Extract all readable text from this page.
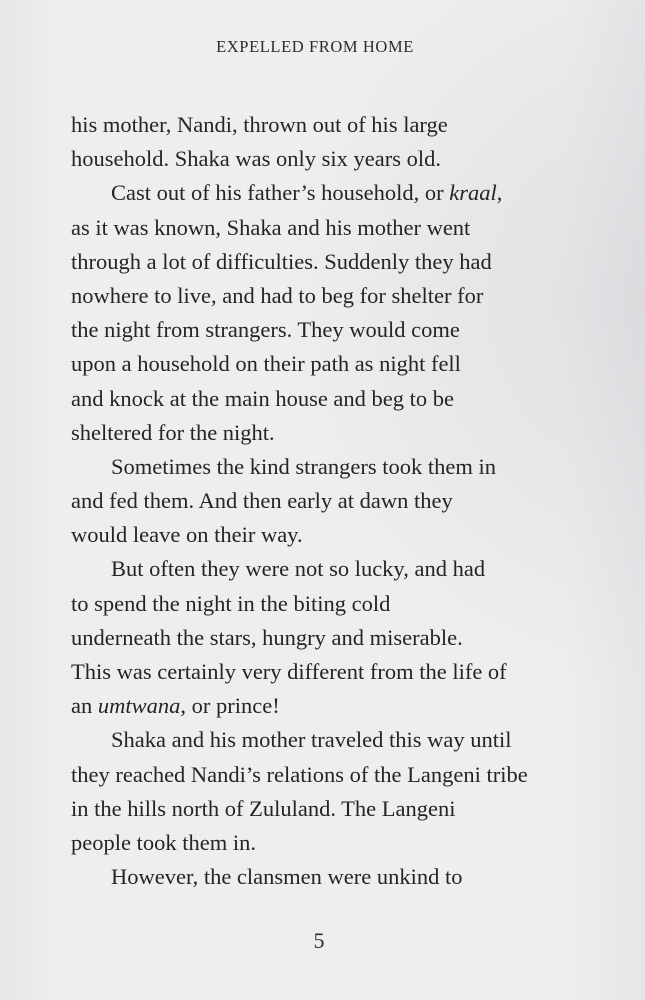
EXPELLED FROM HOME
his mother, Nandi, thrown out of his large
household. Shaka was only six years old.
Cast out of his father’s household, or kraal,
as it was known, Shaka and his mother went
through a lot of difficulties. Suddenly they had
nowhere to live, and had to beg for shelter for
the night from strangers. They would come
upon a household on their path as night fell
and knock at the main house and beg to be
sheltered for the night.
Sometimes the kind strangers took them in
and fed them. And then early at dawn they
would leave on their way.
But often they were not so lucky, and had
to spend the night in the biting cold
underneath the stars, hungry and miserable.
This was certainly very different from the life of
an umtwana, or prince!
Shaka and his mother traveled this way until
they reached Nandi’s relations of the Langeni tribe
in the hills north of Zululand. The Langeni
people took them in.
However, the clansmen were unkind to
5
